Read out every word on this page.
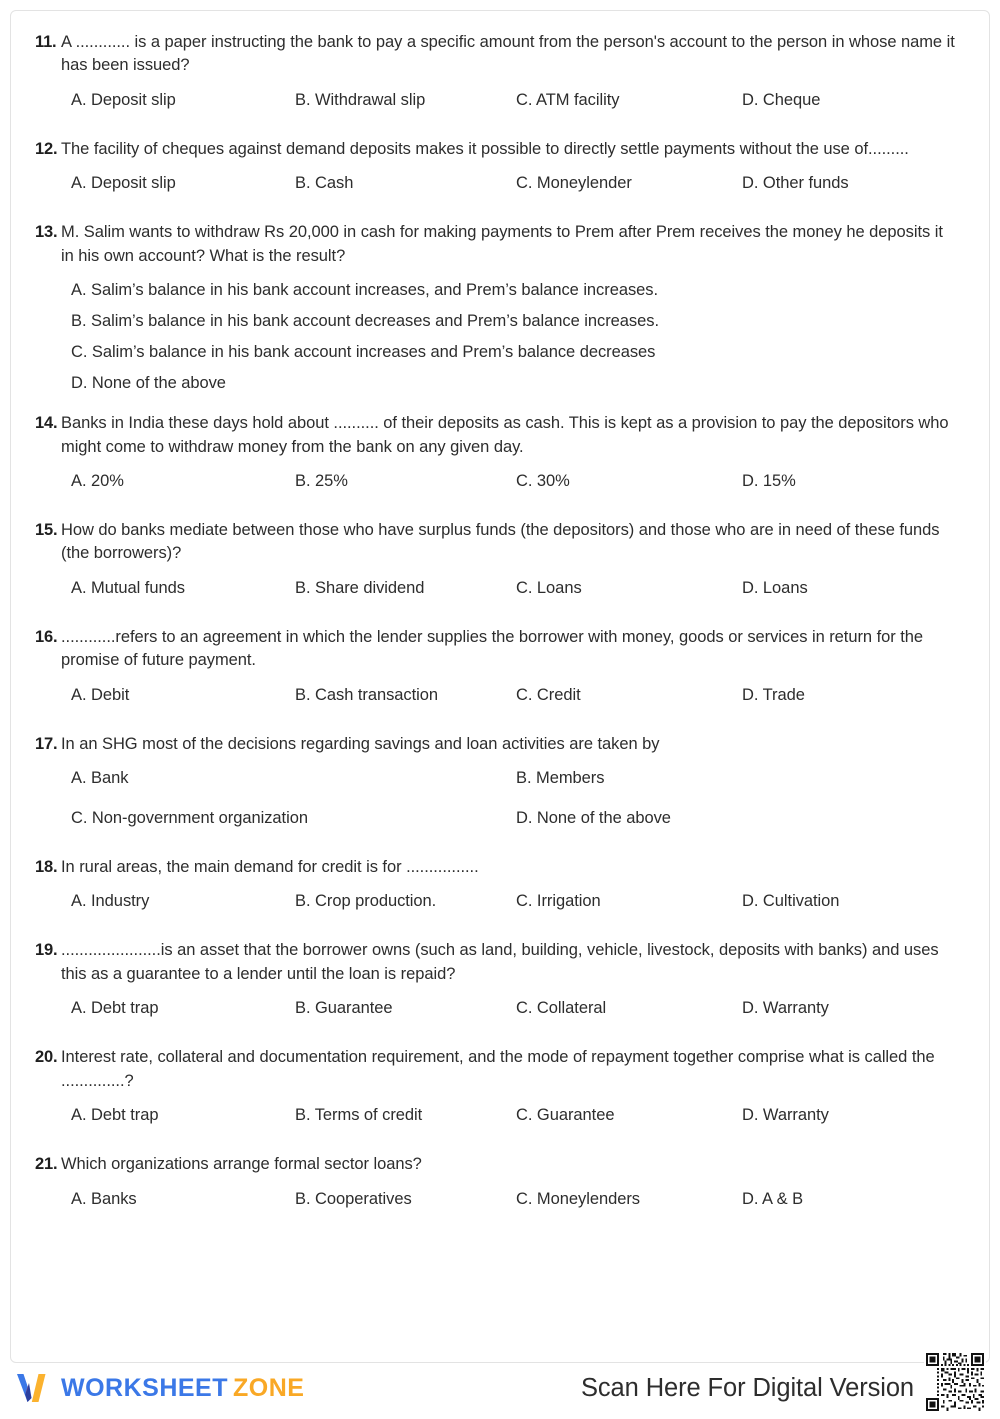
11. A ............ is a paper instructing the bank to pay a specific amount from the person's account to the person in whose name it has been issued?
A. Deposit slip	B. Withdrawal slip	C. ATM facility	D. Cheque
12. The facility of cheques against demand deposits makes it possible to directly settle payments without the use of.........
A. Deposit slip	B. Cash	C. Moneylender	D. Other funds
13. M. Salim wants to withdraw Rs 20,000 in cash for making payments to Prem after Prem receives the money he deposits it in his own account? What is the result?
A. Salim’s balance in his bank account increases, and Prem’s balance increases.
B. Salim’s balance in his bank account decreases and Prem’s balance increases.
C. Salim’s balance in his bank account increases and Prem’s balance decreases
D. None of the above
14. Banks in India these days hold about .......... of their deposits as cash. This is kept as a provision to pay the depositors who might come to withdraw money from the bank on any given day.
A. 20%	B. 25%	C. 30%	D. 15%
15. How do banks mediate between those who have surplus funds (the depositors) and those who are in need of these funds (the borrowers)?
A. Mutual funds	B. Share dividend	C. Loans	D. Loans
16. ............refers to an agreement in which the lender supplies the borrower with money, goods or services in return for the promise of future payment.
A. Debit	B. Cash transaction	C. Credit	D. Trade
17. In an SHG most of the decisions regarding savings and loan activities are taken by
A. Bank	B. Members
C. Non-government organization	D. None of the above
18. In rural areas, the main demand for credit is for ................
A. Industry	B. Crop production.	C. Irrigation	D. Cultivation
19. ......................is an asset that the borrower owns (such as land, building, vehicle, livestock, deposits with banks) and uses this as a guarantee to a lender until the loan is repaid?
A. Debt trap	B. Guarantee	C. Collateral	D. Warranty
20. Interest rate, collateral and documentation requirement, and the mode of repayment together comprise what is called the ..............?
A. Debt trap	B. Terms of credit	C. Guarantee	D. Warranty
21. Which organizations arrange formal sector loans?
A. Banks	B. Cooperatives	C. Moneylenders	D. A & B
WORKSHEET ZONE	Scan Here For Digital Version
